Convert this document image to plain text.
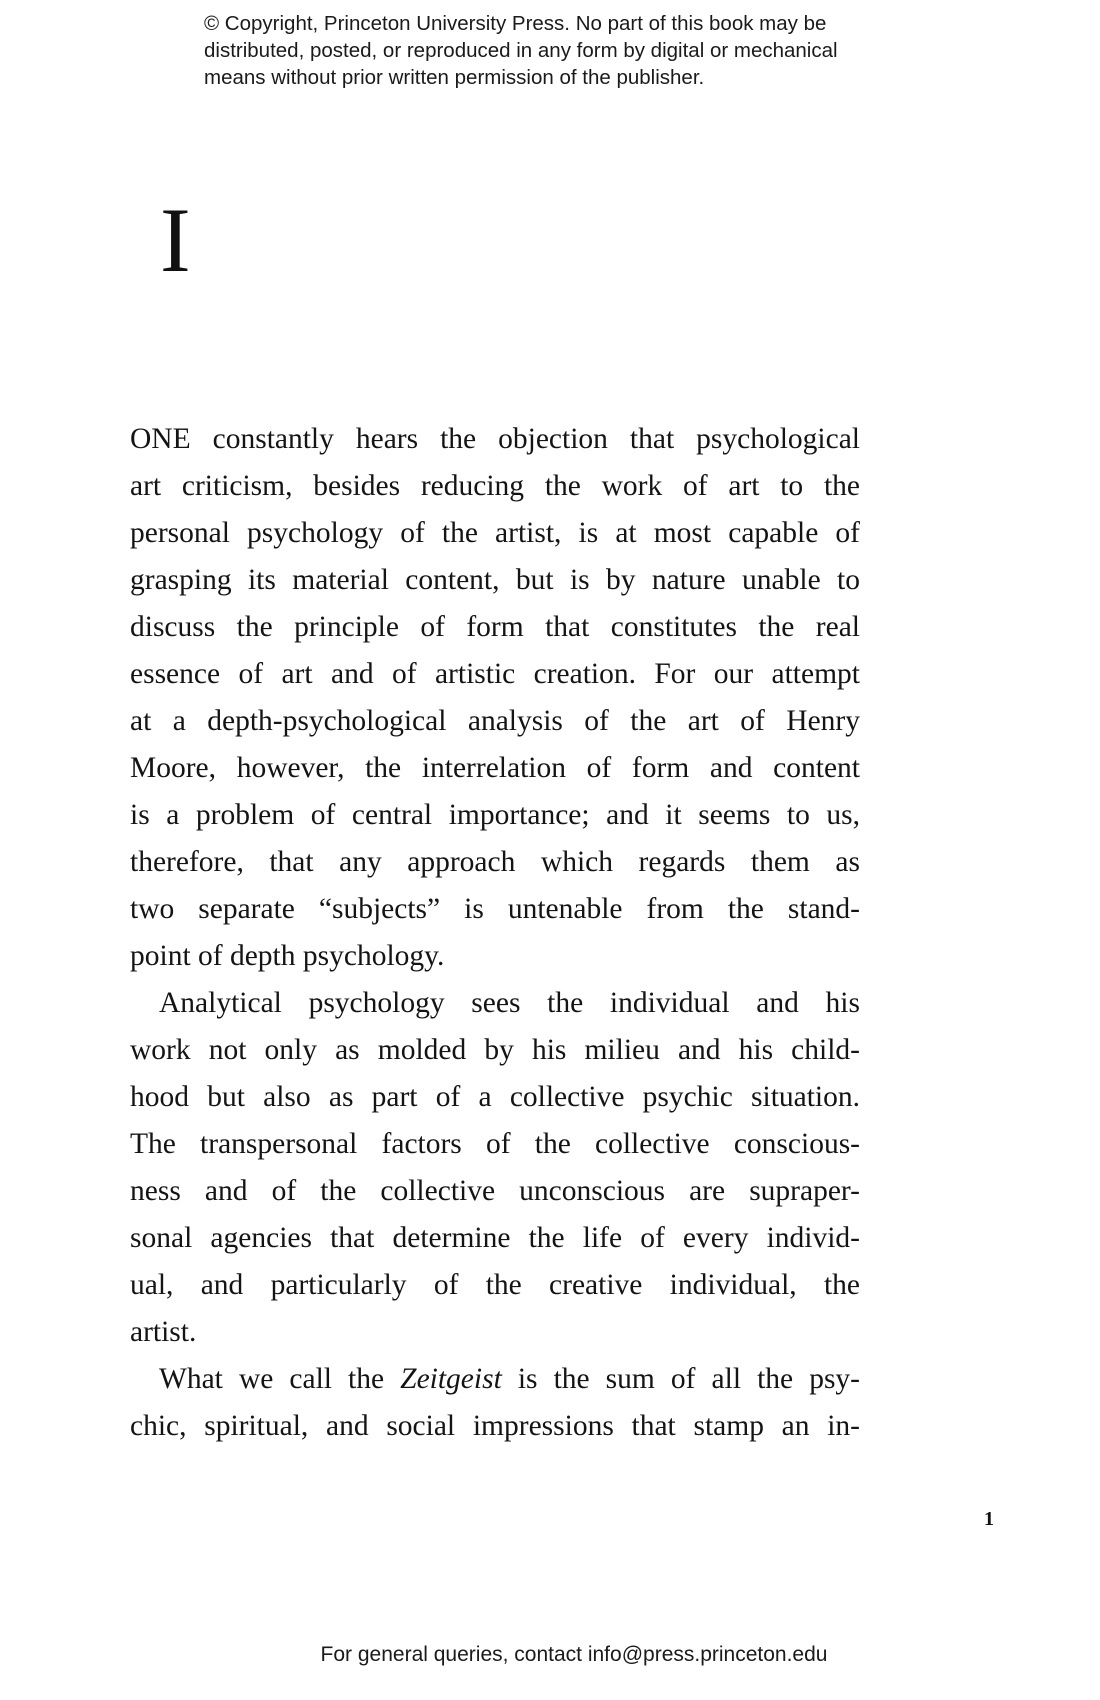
© Copyright, Princeton University Press. No part of this book may be
distributed, posted, or reproduced in any form by digital or mechanical
means without prior written permission of the publisher.
I
ONE constantly hears the objection that psychological
art criticism, besides reducing the work of art to the
personal psychology of the artist, is at most capable of
grasping its material content, but is by nature unable to
discuss the principle of form that constitutes the real
essence of art and of artistic creation. For our attempt
at a depth-psychological analysis of the art of Henry
Moore, however, the interrelation of form and content
is a problem of central importance; and it seems to us,
therefore, that any approach which regards them as
two separate “subjects” is untenable from the stand-
point of depth psychology.
Analytical psychology sees the individual and his
work not only as molded by his milieu and his child-
hood but also as part of a collective psychic situation.
The transpersonal factors of the collective conscious-
ness and of the collective unconscious are supraper-
sonal agencies that determine the life of every individ-
ual, and particularly of the creative individual, the
artist.
What we call the Zeitgeist is the sum of all the psy-
chic, spiritual, and social impressions that stamp an in-
1
For general queries, contact info@press.princeton.edu
